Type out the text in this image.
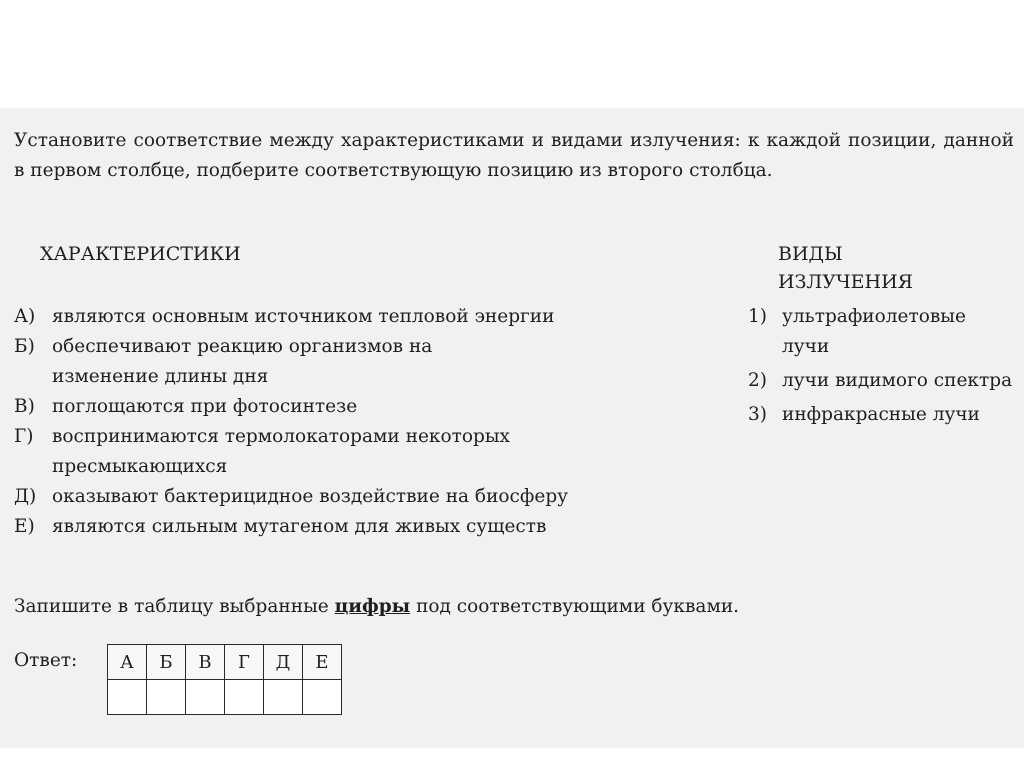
Установите соответствие между характеристиками и видами излучения: к каждой позиции, данной в первом столбце, подберите соответствующую позицию из второго столбца.

ХАРАКТЕРИСТИКИ	ВИДЫ ИЗЛУЧЕНИЯ
А) являются основным источником тепловой энергии
Б) обеспечивают реакцию организмов на изменение длины дня
В) поглощаются при фотосинтезе
Г)	воспринимаются термолокаторами некоторых пресмыкающихся
Д) оказывают бактерицидное воздействие на биосферу
Е) являются сильным мутагеном для живых существ
1) ультрафиолетовые лучи
2) лучи видимого спектра
3) инфракрасные лучи

Запишите в таблицу выбранные цифры под соответствующими буквами.

Ответ: А	Б	В	Г	Д	Е
